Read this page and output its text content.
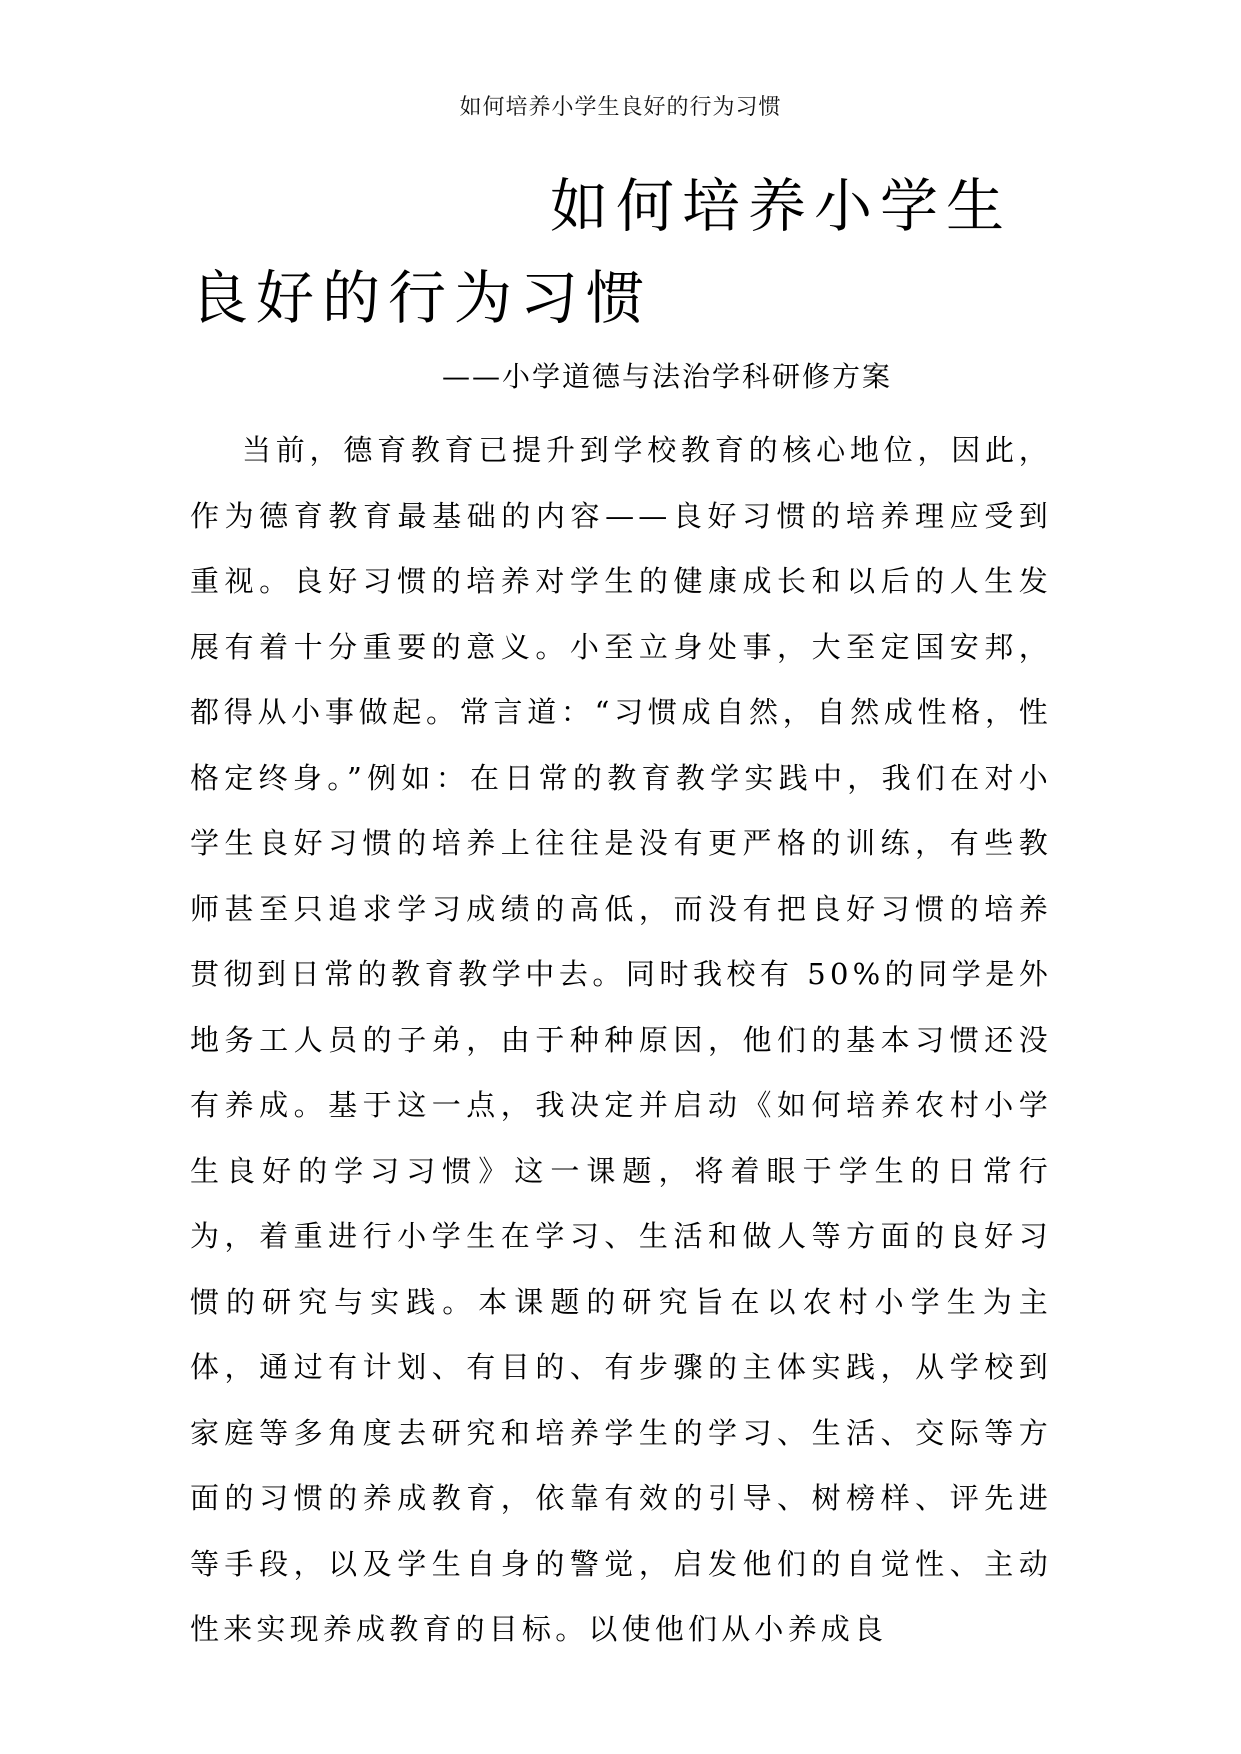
如何培养小学生良好的行为习惯
如何培养小学生良好的行为习惯
——小学道德与法治学科研修方案

当前，德育教育已提升到学校教育的核心地位，因此，作为德育教育最基础的内容——良好习惯的培养理应受到重视。良好习惯的培养对学生的健康成长和以后的人生发展有着十分重要的意义。小至立身处事，大至定国安邦，都得从小事做起。常言道：“习惯成自然，自然成性格，性格定终身。”例如：在日常的教育教学实践中，我们在对小学生良好习惯的培养上往往是没有更严格的训练，有些教师甚至只追求学习成绩的高低，而没有把良好习惯的培养贯彻到日常的教育教学中去。同时我校有 50%的同学是外地务工人员的子弟，由于种种原因，他们的基本习惯还没有养成。基于这一点，我决定并启动《如何培养农村小学生良好的学习习惯》这一课题，将着眼于学生的日常行为，着重进行小学生在学习、生活和做人等方面的良好习惯的研究与实践。本课题的研究旨在以农村小学生为主体，通过有计划、有目的、有步骤的主体实践，从学校到家庭等多角度去研究和培养学生的学习、生活、交际等方面的习惯的养成教育，依靠有效的引导、树榜样、评先进等手段，以及学生自身的警觉，启发他们的自觉性、主动性来实现养成教育的目标。以使他们从小养成良
